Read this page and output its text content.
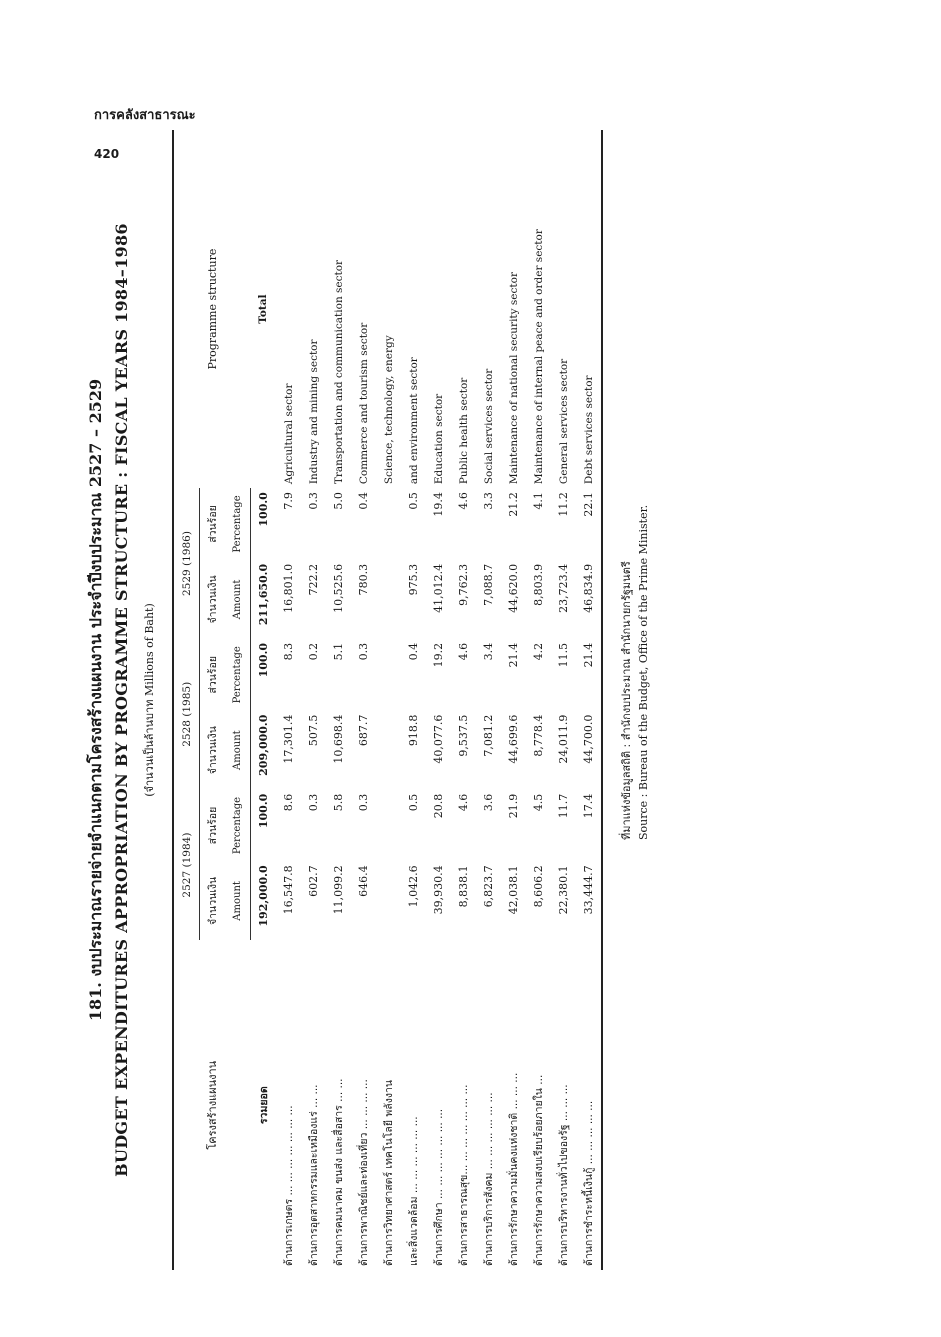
การคลังสาธารณะ
420
181. งบประมาณรายจ่ายจำแนกตามโครงสร้างแผนงาน ประจำปีงบประมาณ 2527 – 2529 BUDGET EXPENDITURES APPROPRIATION BY PROGRAMME STRUCTURE : FISCAL YEARS 1984–1986	(จำนวนเป็นล้านบาท Millions of Baht)
โครงสร้างแผนงาน	2527 (1984)		2528 (1985)		2529 (1986)		Programme structure
	จำนวนเงิน	ส่วนร้อย	จำนวนเงิน	ส่วนร้อย	จำนวนเงิน	ส่วนร้อย	
	Amount	Percentage	Amount	Percentage	Amount	Percentage	
รวมยอด	192,000.0	100.0	209,000.0	100.0	211,650.0	100.0	Total
ด้านการเกษตร ... ... ... ... ... ... ...	16,547.8	8.6	17,301.4	8.3	16,801.0	7.9	Agricultural sector
ด้านการอุตสาหกรรมและเหมืองแร่ ... ...	602.7	0.3	507.5	0.2	722.2	0.3	Industry and mining sector
ด้านการคมนาคม ขนส่ง และสื่อสาร ... ...	11,099.2	5.8	10,698.4	5.1	10,525.6	5.0	Transportation and communication sector
ด้านการพาณิชย์และท่องเที่ยว ... ... ... ...	646.4	0.3	687.7	0.3	780.3	0.4	Commerce and tourism sector
ด้านการวิทยาศาสตร์ เทคโนโลยี พลังงาน							Science, technology, energy
และสิ่งแวดล้อม ... ... ... ... ... ...	1,042.6	0.5	918.8	0.4	975.3	0.5	and environment sector
ด้านการศึกษา ... ... ... ... ... ... ...	39,930.4	20.8	40,077.6	19.2	41,012.4	19.4	Education sector
ด้านการสาธารณสุข... ... ... ... ... ... ...	8,838.1	4.6	9,537.5	4.6	9,762.3	4.6	Public health sector
ด้านการบริการสังคม ... ... ... ... ... ...	6,823.7	3.6	7,081.2	3.4	7,088.7	3.3	Social services sector
ด้านการรักษาความมั่นคงแห่งชาติ ... ... ...	42,038.1	21.9	44,699.6	21.4	44,620.0	21.2	Maintenance of national security sector
ด้านการรักษาความสงบเรียบร้อยภายใน ...	8,606.2	4.5	8,778.4	4.2	8,803.9	4.1	Maintenance of internal peace and order sector
ด้านการบริหารงานทั่วไปของรัฐ ... ... ...	22,380.1	11.7	24,011.9	11.5	23,723.4	11.2	General services sector
ด้านการชำระหนี้เงินกู้ ... ... ... ... ...	33,444.7	17.4	44,700.0	21.4	46,834.9	22.1	Debt services sector
ที่มาแห่งข้อมูลสถิติ : สำนักงบประมาณ สำนักนายกรัฐมนตรี Source : Bureau of the Budget, Office of the Prime Minister.
